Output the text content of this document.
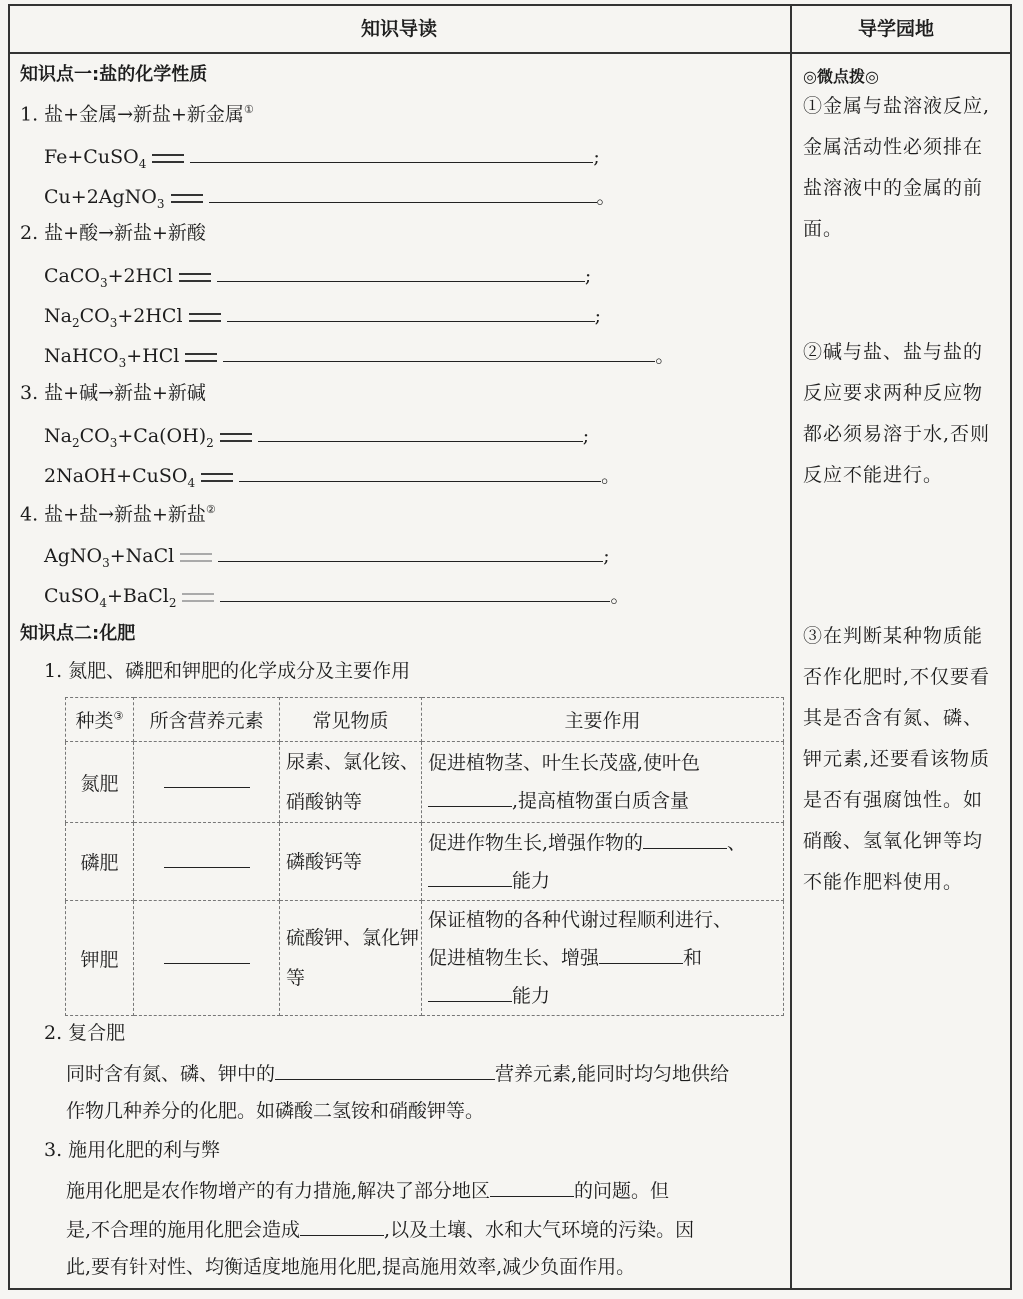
知识导读	导学园地
知识点一:盐的化学性质
1. 盐+金属→新盐+新金属①
Fe+CuSO$_4$	;
Cu+2AgNO$_3$	。
2. 盐+酸→新盐+新酸
CaCO$_3$+2HCl	;
$Na_2CO_3+2HCl$	;
NaHCO$_3$+HCl	。
3. 盐+碱→新盐+新碱
$Na_2CO_3+Ca(OH)_2$	;
2NaOH+CuSO$_4$	。
4. 盐+盐→新盐+新盐②
AgNO$_3$+NaCl	;
CuSO$_4$+BaCl$_2$	。
知识点二:化肥
1. 氮肥、磷肥和钾肥的化学成分及主要作用
种类③	所含营养元素	常见物质	主要作用
氮肥		尿素、氯化铵、硝酸钠等	促进植物茎、叶生长茂盛,使叶色
,提高植物蛋白质含量
磷肥		磷酸钙等	促进作物生长,增强作物的 、
能力
钾肥		硫酸钾、氯化钾等	保证植物的各种代谢过程顺利进行、
促进植物生长、增强 和
能力
2. 复合肥
同时含有氮、磷、钾中的	营养元素,能同时均匀地供给
作物几种养分的化肥。如磷酸二氢铵和硝酸钾等。
3. 施用化肥的利与弊
施用化肥是农作物增产的有力措施,解决了部分地区	的问题。但
是,不合理的施用化肥会造成	,以及土壤、水和大气环境的污染。因
此,要有针对性、均衡适度地施用化肥,提高施用效率,减少负面作用。
◎微点拨◎
①金属与盐溶液反应,金属活动性必须排在盐溶液中的金属的前面。
②碱与盐、盐与盐的反应要求两种反应物都必须易溶于水,否则反应不能进行。
③在判断某种物质能否作化肥时,不仅要看其是否含有氮、磷、钾元素,还要看该物质是否有强腐蚀性。如硝酸、氢氧化钾等均不能作肥料使用。
